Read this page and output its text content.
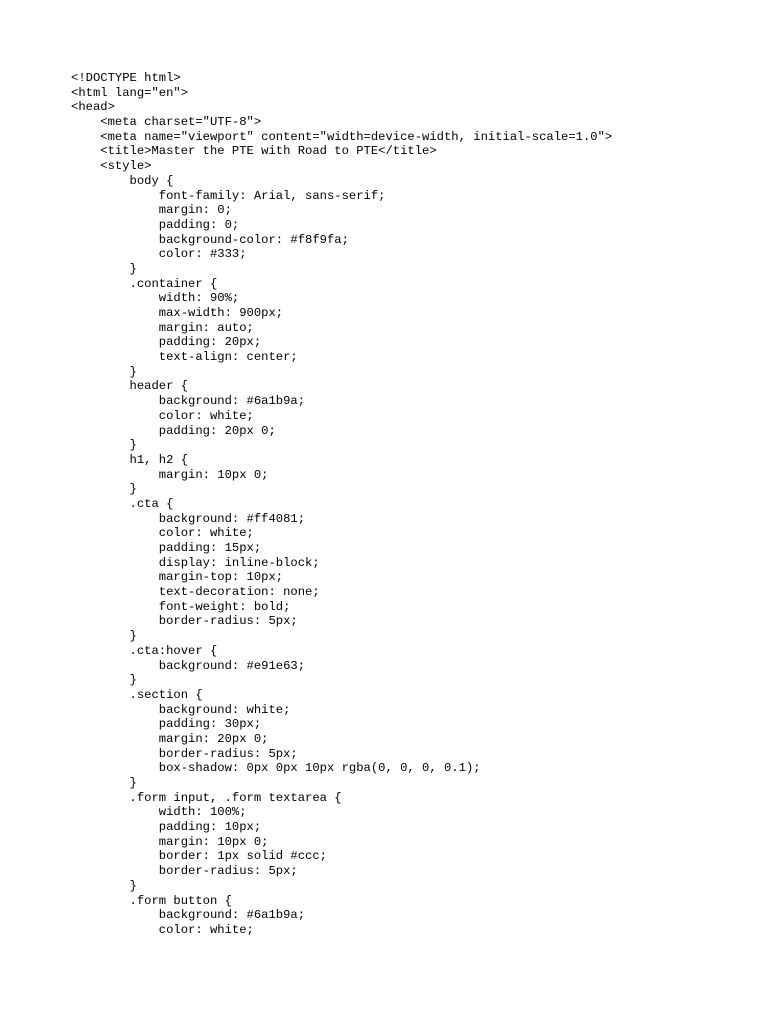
<!DOCTYPE html>
<html lang="en">
<head>
<meta charset="UTF-8">
<meta name="viewport" content="width=device-width, initial-scale=1.0">
<title>Master the PTE with Road to PTE</title>
<style>
body {
font-family: Arial, sans-serif;
margin: 0;
padding: 0;
background-color: #f8f9fa;
color: #333;
}
.container {
width: 90%;
max-width: 900px;
margin: auto;
padding: 20px;
text-align: center;
}
header {
background: #6a1b9a;
color: white;
padding: 20px 0;
}
h1, h2 {
margin: 10px 0;
}
.cta {
background: #ff4081;
color: white;
padding: 15px;
display: inline-block;
margin-top: 10px;
text-decoration: none;
font-weight: bold;
border-radius: 5px;
}
.cta:hover {
background: #e91e63;
}
.section {
background: white;
padding: 30px;
margin: 20px 0;
border-radius: 5px;
box-shadow: 0px 0px 10px rgba(0, 0, 0, 0.1);
}
.form input, .form textarea {
width: 100%;
padding: 10px;
margin: 10px 0;
border: 1px solid #ccc;
border-radius: 5px;
}
.form button {
background: #6a1b9a;
color: white;
